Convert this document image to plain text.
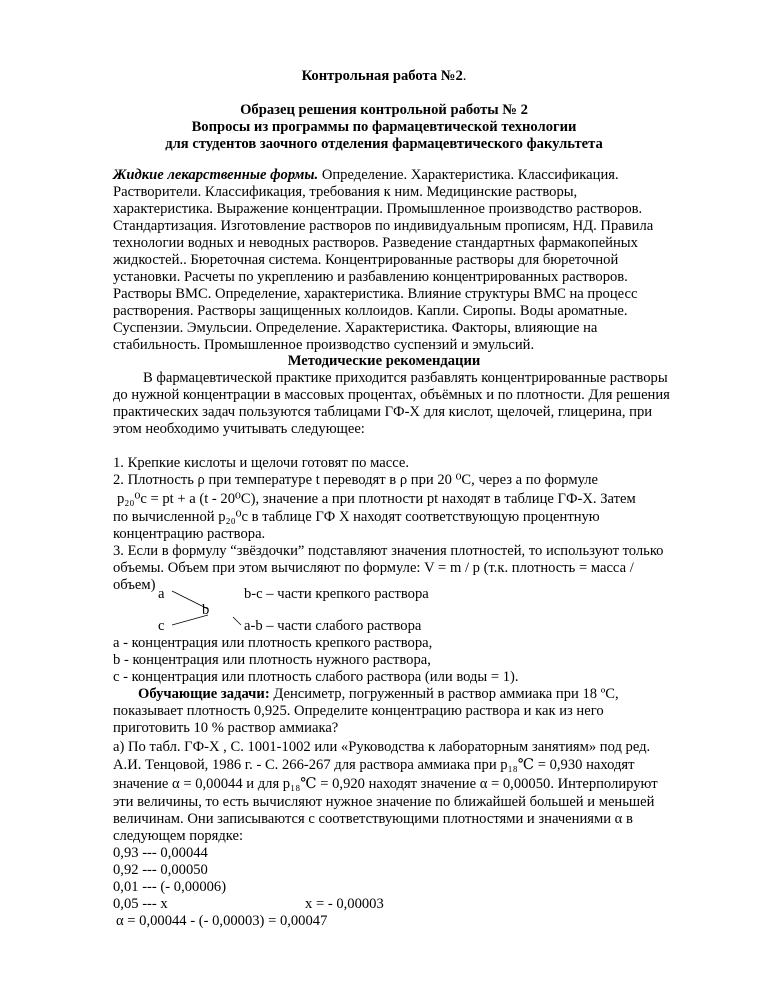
Контрольная работа №2.

Образец решения контрольной работы № 2

Вопросы из программы по фармацевтической технологии

для студентов заочного отделения фармацевтического факультета

Жидкие лекарственные формы. Определение. Характеристика. Классификация.

Растворители. Классификация, требования к ним. Медицинские растворы,

характеристика. Выражение концентрации. Промышленное производство растворов.

Стандартизация. Изготовление растворов по индивидуальным прописям, НД. Правила

технологии водных и неводных растворов. Разведение стандартных фармакопейных

жидкостей.. Бюреточная система. Концентрированные растворы для бюреточной

установки. Расчеты по укреплению и разбавлению концентрированных растворов.

Растворы ВМС. Определение, характеристика. Влияние структуры ВМС на процесс

растворения. Растворы защищенных коллоидов. Капли. Сиропы. Воды ароматные.

Суспензии. Эмульсии. Определение. Характеристика. Факторы, влияющие на

стабильность. Промышленное производство суспензий и эмульсий.

Методические рекомендации

В фармацевтической практике приходится разбавлять концентрированные растворы

до нужной концентрации в массовых процентах, объёмных и по плотности. Для решения

практических задач пользуются таблицами ГФ-Х для кислот, щелочей, глицерина, при

этом необходимо учитывать следующее:

1. Крепкие кислоты и щелочи готовят по массе.

2. Плотность ρ при температуре t переводят в ρ при 20 ⁰С, через а по формуле

p₂₀⁰c = pt + a (t - 20⁰С), значение a при плотности pt находят в таблице ГФ-Х. Затем

по вычисленной p₂₀⁰c в таблице ГФ Х находят соответствующую процентную

концентрацию раствора.

3. Если в формулу “звёздочки” подставляют значения плотностей, то используют только

объемы. Объем при этом вычисляют по формуле: V = m / p (т.к. плотность = масса /

объем)

a	b-c – части крепкого раствора

b

c	a-b – части слабого раствора

a - концентрация или плотность крепкого раствора,

b - концентрация или плотность нужного раствора,

с - концентрация или плотность слабого раствора (или воды = 1).

Обучающие задачи: Денсиметр, погруженный в раствор аммиака при 18 ºС,

показывает плотность 0,925. Определите концентрацию раствора и как из него

приготовить 10 % раствор аммиака?

а) По табл. ГФ-Х , С. 1001-1002 или «Руководства к лабораторным занятиям» под ред.

А.И. Тенцовой, 1986 г. - С. 266-267 для раствора аммиака при p₁₈℃ = 0,930 находят

значение α = 0,00044 и для p₁₈℃ = 0,920 находят значение α = 0,00050. Интерполируют

эти величины, то есть вычисляют нужное значение по ближайшей большей и меньшей

величинам. Они записываются с соответствующими плотностями и значениями α в

следующем порядке:

0,93 --- 0,00044

0,92 --- 0,00050

0,01 --- (- 0,00006)

0,05 --- x	x = - 0,00003

α = 0,00044 - (- 0,00003) = 0,00047
